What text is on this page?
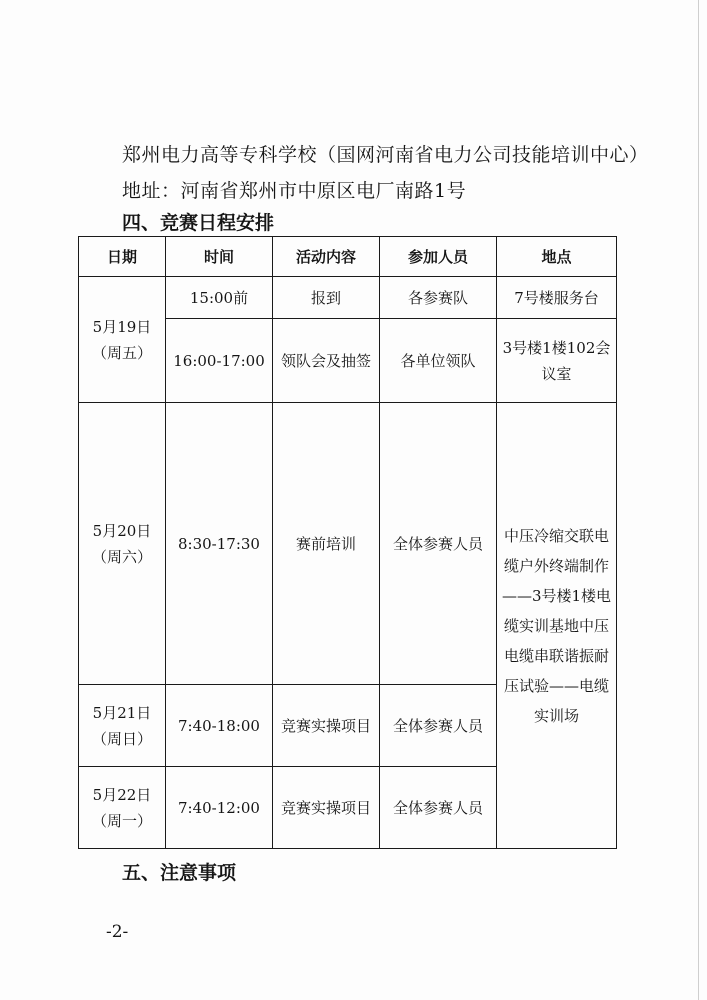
郑州电力高等专科学校（国网河南省电力公司技能培训中心）
地址：河南省郑州市中原区电厂南路1号
四、竞赛日程安排
日期	时间	活动内容	参加人员	地点

5月19日
（周五）	15:00前	报到	各参赛队	7号楼服务台
	16:00-17:00	领队会及抽签	各单位领队	3号楼1楼102会议室

5月20日
（周六）	8:30-17:30	赛前培训	全体参赛人员	中压冷缩交联电缆户外终端制作——3号楼1楼电缆实训基地中压电缆串联谐振耐压试验——电缆实训场

5月21日
（周日）	7:40-18:00	竞赛实操项目	全体参赛人员	

5月22日
（周一）	7:40-12:00	竞赛实操项目	全体参赛人员	
五、注意事项
-2-
